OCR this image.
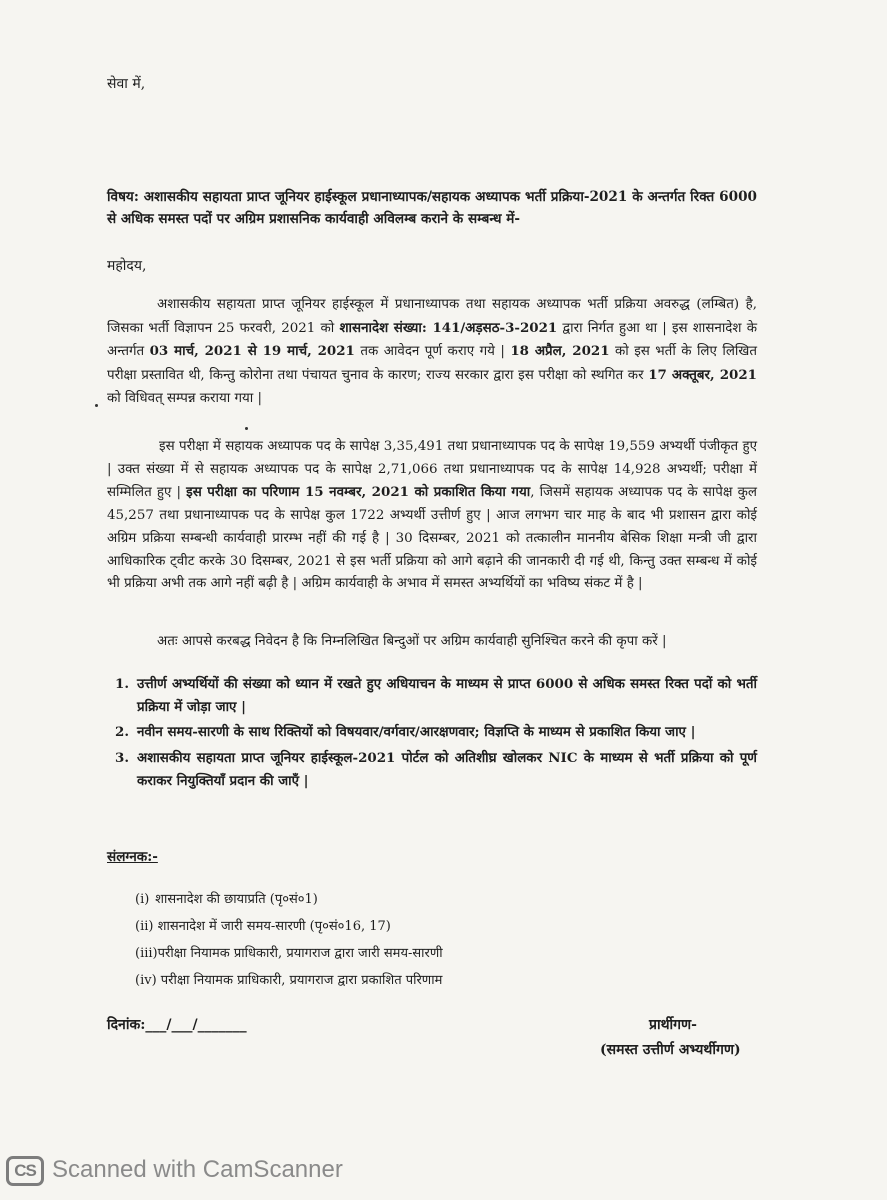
सेवा में,
विषय: अशासकीय सहायता प्राप्त जूनियर हाईस्कूल प्रधानाध्यापक/सहायक अध्यापक भर्ती प्रक्रिया-2021 के अन्तर्गत रिक्त 6000 से अधिक समस्त पदों पर अग्रिम प्रशासनिक कार्यवाही अविलम्ब कराने के सम्बन्ध में-
महोदय,
अशासकीय सहायता प्राप्त जूनियर हाईस्कूल में प्रधानाध्यापक तथा सहायक अध्यापक भर्ती प्रक्रिया अवरुद्ध (लम्बित) है, जिसका भर्ती विज्ञापन 25 फरवरी, 2021 को शासनादेश संख्या: 141/अड़सठ-3-2021 द्वारा निर्गत हुआ था | इस शासनादेश के अन्तर्गत 03 मार्च, 2021 से 19 मार्च, 2021 तक आवेदन पूर्ण कराए गये | 18 अप्रैल, 2021 को इस भर्ती के लिए लिखित परीक्षा प्रस्तावित थी, किन्तु कोरोना तथा पंचायत चुनाव के कारण; राज्य सरकार द्वारा इस परीक्षा को स्थगित कर 17 अक्तूबर, 2021 को विधिवत् सम्पन्न कराया गया |
इस परीक्षा में सहायक अध्यापक पद के सापेक्ष 3,35,491 तथा प्रधानाध्यापक पद के सापेक्ष 19,559 अभ्यर्थी पंजीकृत हुए | उक्त संख्या में से सहायक अध्यापक पद के सापेक्ष 2,71,066 तथा प्रधानाध्यापक पद के सापेक्ष 14,928 अभ्यर्थी; परीक्षा में सम्मिलित हुए | इस परीक्षा का परिणाम 15 नवम्बर, 2021 को प्रकाशित किया गया, जिसमें सहायक अध्यापक पद के सापेक्ष कुल 45,257 तथा प्रधानाध्यापक पद के सापेक्ष कुल 1722 अभ्यर्थी उत्तीर्ण हुए | आज लगभग चार माह के बाद भी प्रशासन द्वारा कोई अग्रिम प्रक्रिया सम्बन्धी कार्यवाही प्रारम्भ नहीं की गई है | 30 दिसम्बर, 2021 को तत्कालीन माननीय बेसिक शिक्षा मन्त्री जी द्वारा आधिकारिक ट्वीट करके 30 दिसम्बर, 2021 से इस भर्ती प्रक्रिया को आगे बढ़ाने की जानकारी दी गई थी, किन्तु उक्त सम्बन्ध में कोई भी प्रक्रिया अभी तक आगे नहीं बढ़ी है | अग्रिम कार्यवाही के अभाव में समस्त अभ्यर्थियों का भविष्य संकट में है |
अतः आपसे करबद्ध निवेदन है कि निम्नलिखित बिन्दुओं पर अग्रिम कार्यवाही सुनिश्चित करने की कृपा करें |
1. उत्तीर्ण अभ्यर्थियों की संख्या को ध्यान में रखते हुए अधियाचन के माध्यम से प्राप्त 6000 से अधिक समस्त रिक्त पदों को भर्ती प्रक्रिया में जोड़ा जाए |
2. नवीन समय-सारणी के साथ रिक्तियों को विषयवार/वर्गवार/आरक्षणवार; विज्ञप्ति के माध्यम से प्रकाशित किया जाए |
3. अशासकीय सहायता प्राप्त जूनियर हाईस्कूल-2021 पोर्टल को अतिशीघ्र खोलकर NIC के माध्यम से भर्ती प्रक्रिया को पूर्ण कराकर नियुक्तियाँ प्रदान की जाएँ |
संलग्नक:-
(i) शासनादेश की छायाप्रति (पृ०सं०1)
(ii) शासनादेश में जारी समय-सारणी (पृ०सं०16, 17)
(iii)परीक्षा नियामक प्राधिकारी, प्रयागराज द्वारा जारी समय-सारणी
(iv) परीक्षा नियामक प्राधिकारी, प्रयागराज द्वारा प्रकाशित परिणाम
दिनांक:___/___/_______	प्रार्थीगण-
(समस्त उत्तीर्ण अभ्यर्थीगण)
CS Scanned with CamScanner
